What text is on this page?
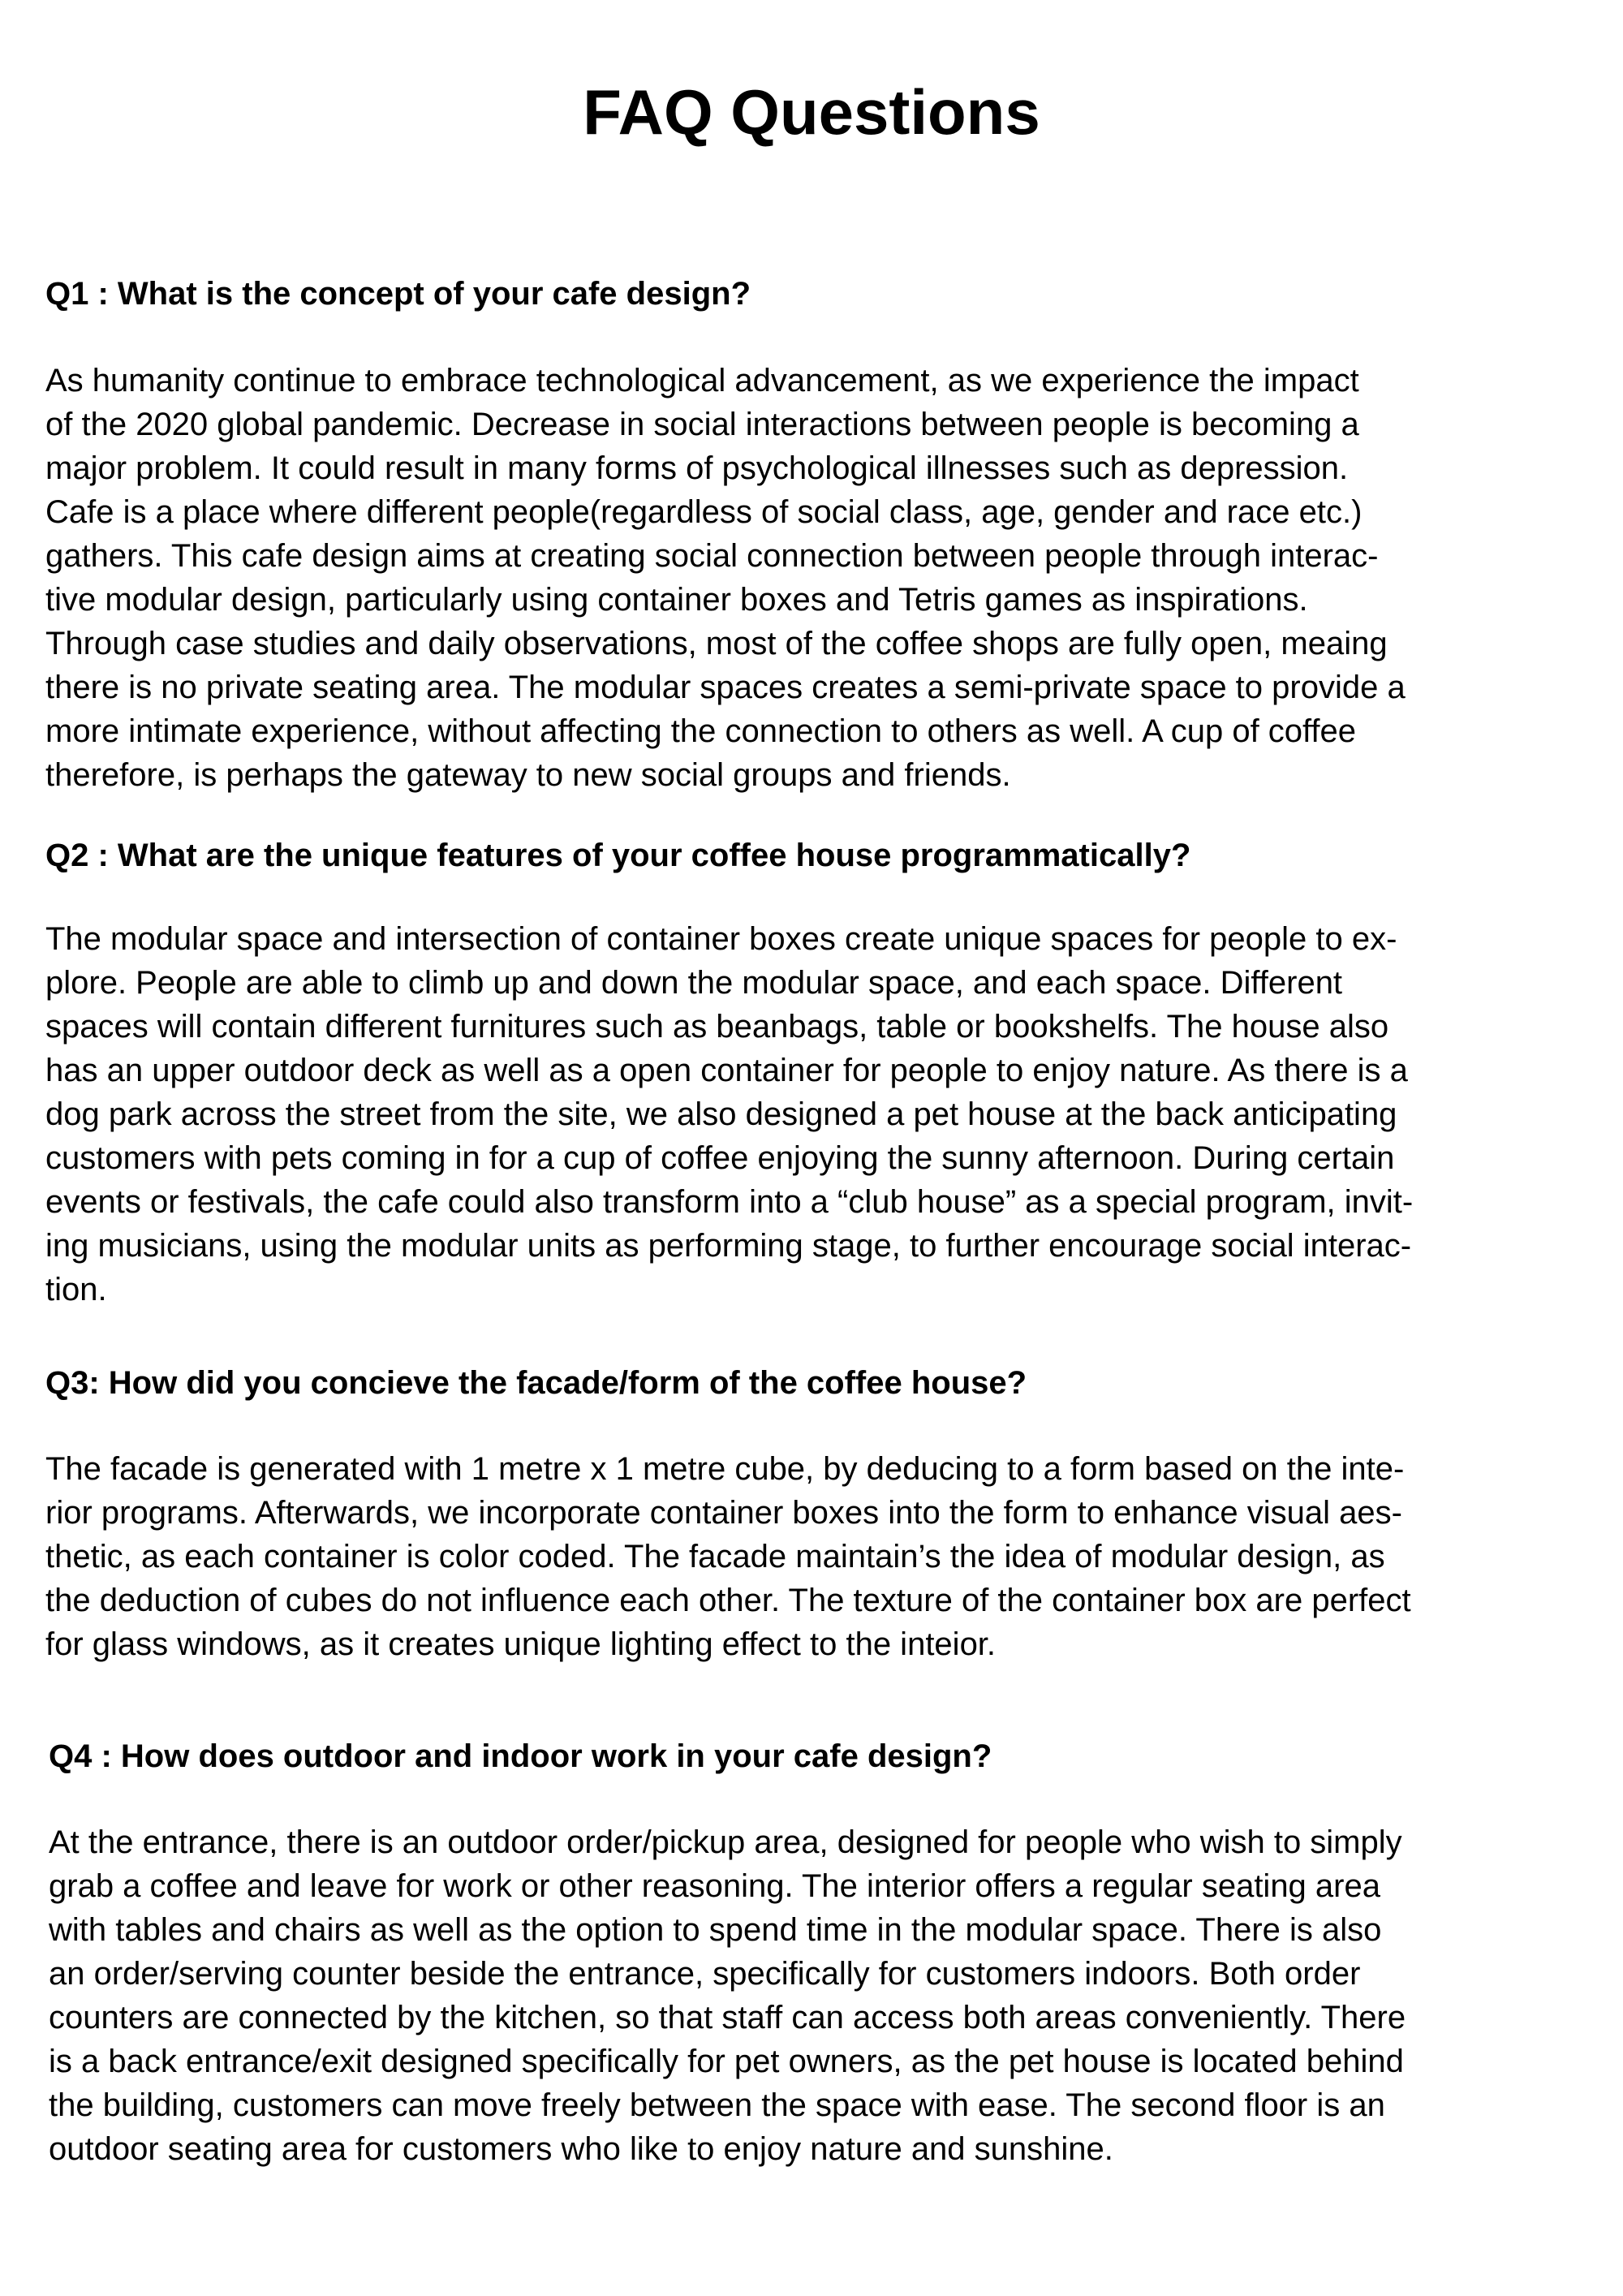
FAQ Questions
Q1 : What is the concept of your cafe design?
As humanity continue to embrace technological advancement, as we experience the impact
of the 2020 global pandemic. Decrease in social interactions between people is becoming a
major problem. It could result in many forms of psychological illnesses such as depression.
Cafe is a place where different people(regardless of social class, age, gender and race etc.)
gathers. This cafe design aims at creating social connection between people through interac-
tive modular design, particularly using container boxes and Tetris games as inspirations.
Through case studies and daily observations, most of the coffee shops are fully open, meaing
there is no private seating area. The modular spaces creates a semi-private space to provide a
more intimate experience, without affecting the connection to others as well. A cup of coffee
therefore, is perhaps the gateway to new social groups and friends.
Q2 : What are the unique features of your coffee house programmatically?
The modular space and intersection of container boxes create unique spaces for people to ex-
plore. People are able to climb up and down the modular space, and each space. Different
spaces will contain different furnitures such as beanbags, table or bookshelfs. The house also
has an upper outdoor deck as well as a open container for people to enjoy nature. As there is a
dog park across the street from the site, we also designed a pet house at the back anticipating
customers with pets coming in for a cup of coffee enjoying the sunny afternoon. During certain
events or festivals, the cafe could also transform into a “club house” as a special program, invit-
ing musicians, using the modular units as performing stage, to further encourage social interac-
tion.
Q3: How did you concieve the facade/form of the coffee house?
The facade is generated with 1 metre x 1 metre cube, by deducing to a form based on the inte-
rior programs. Afterwards, we incorporate container boxes into the form to enhance visual aes-
thetic, as each container is color coded. The facade maintain’s the idea of modular design, as
the deduction of cubes do not influence each other. The texture of the container box are perfect
for glass windows, as it creates unique lighting effect to the inteior.
Q4 : How does outdoor and indoor work in your cafe design?
At the entrance, there is an outdoor order/pickup area, designed for people who wish to simply
grab a coffee and leave for work or other reasoning. The interior offers a regular seating area
with tables and chairs as well as the option to spend time in the modular space. There is also
an order/serving counter beside the entrance, specifically for customers indoors. Both order
counters are connected by the kitchen, so that staff can access both areas conveniently. There
is a back entrance/exit designed specifically for pet owners, as the pet house is located behind
the building, customers can move freely between the space with ease. The second floor is an
outdoor seating area for customers who like to enjoy nature and sunshine.
